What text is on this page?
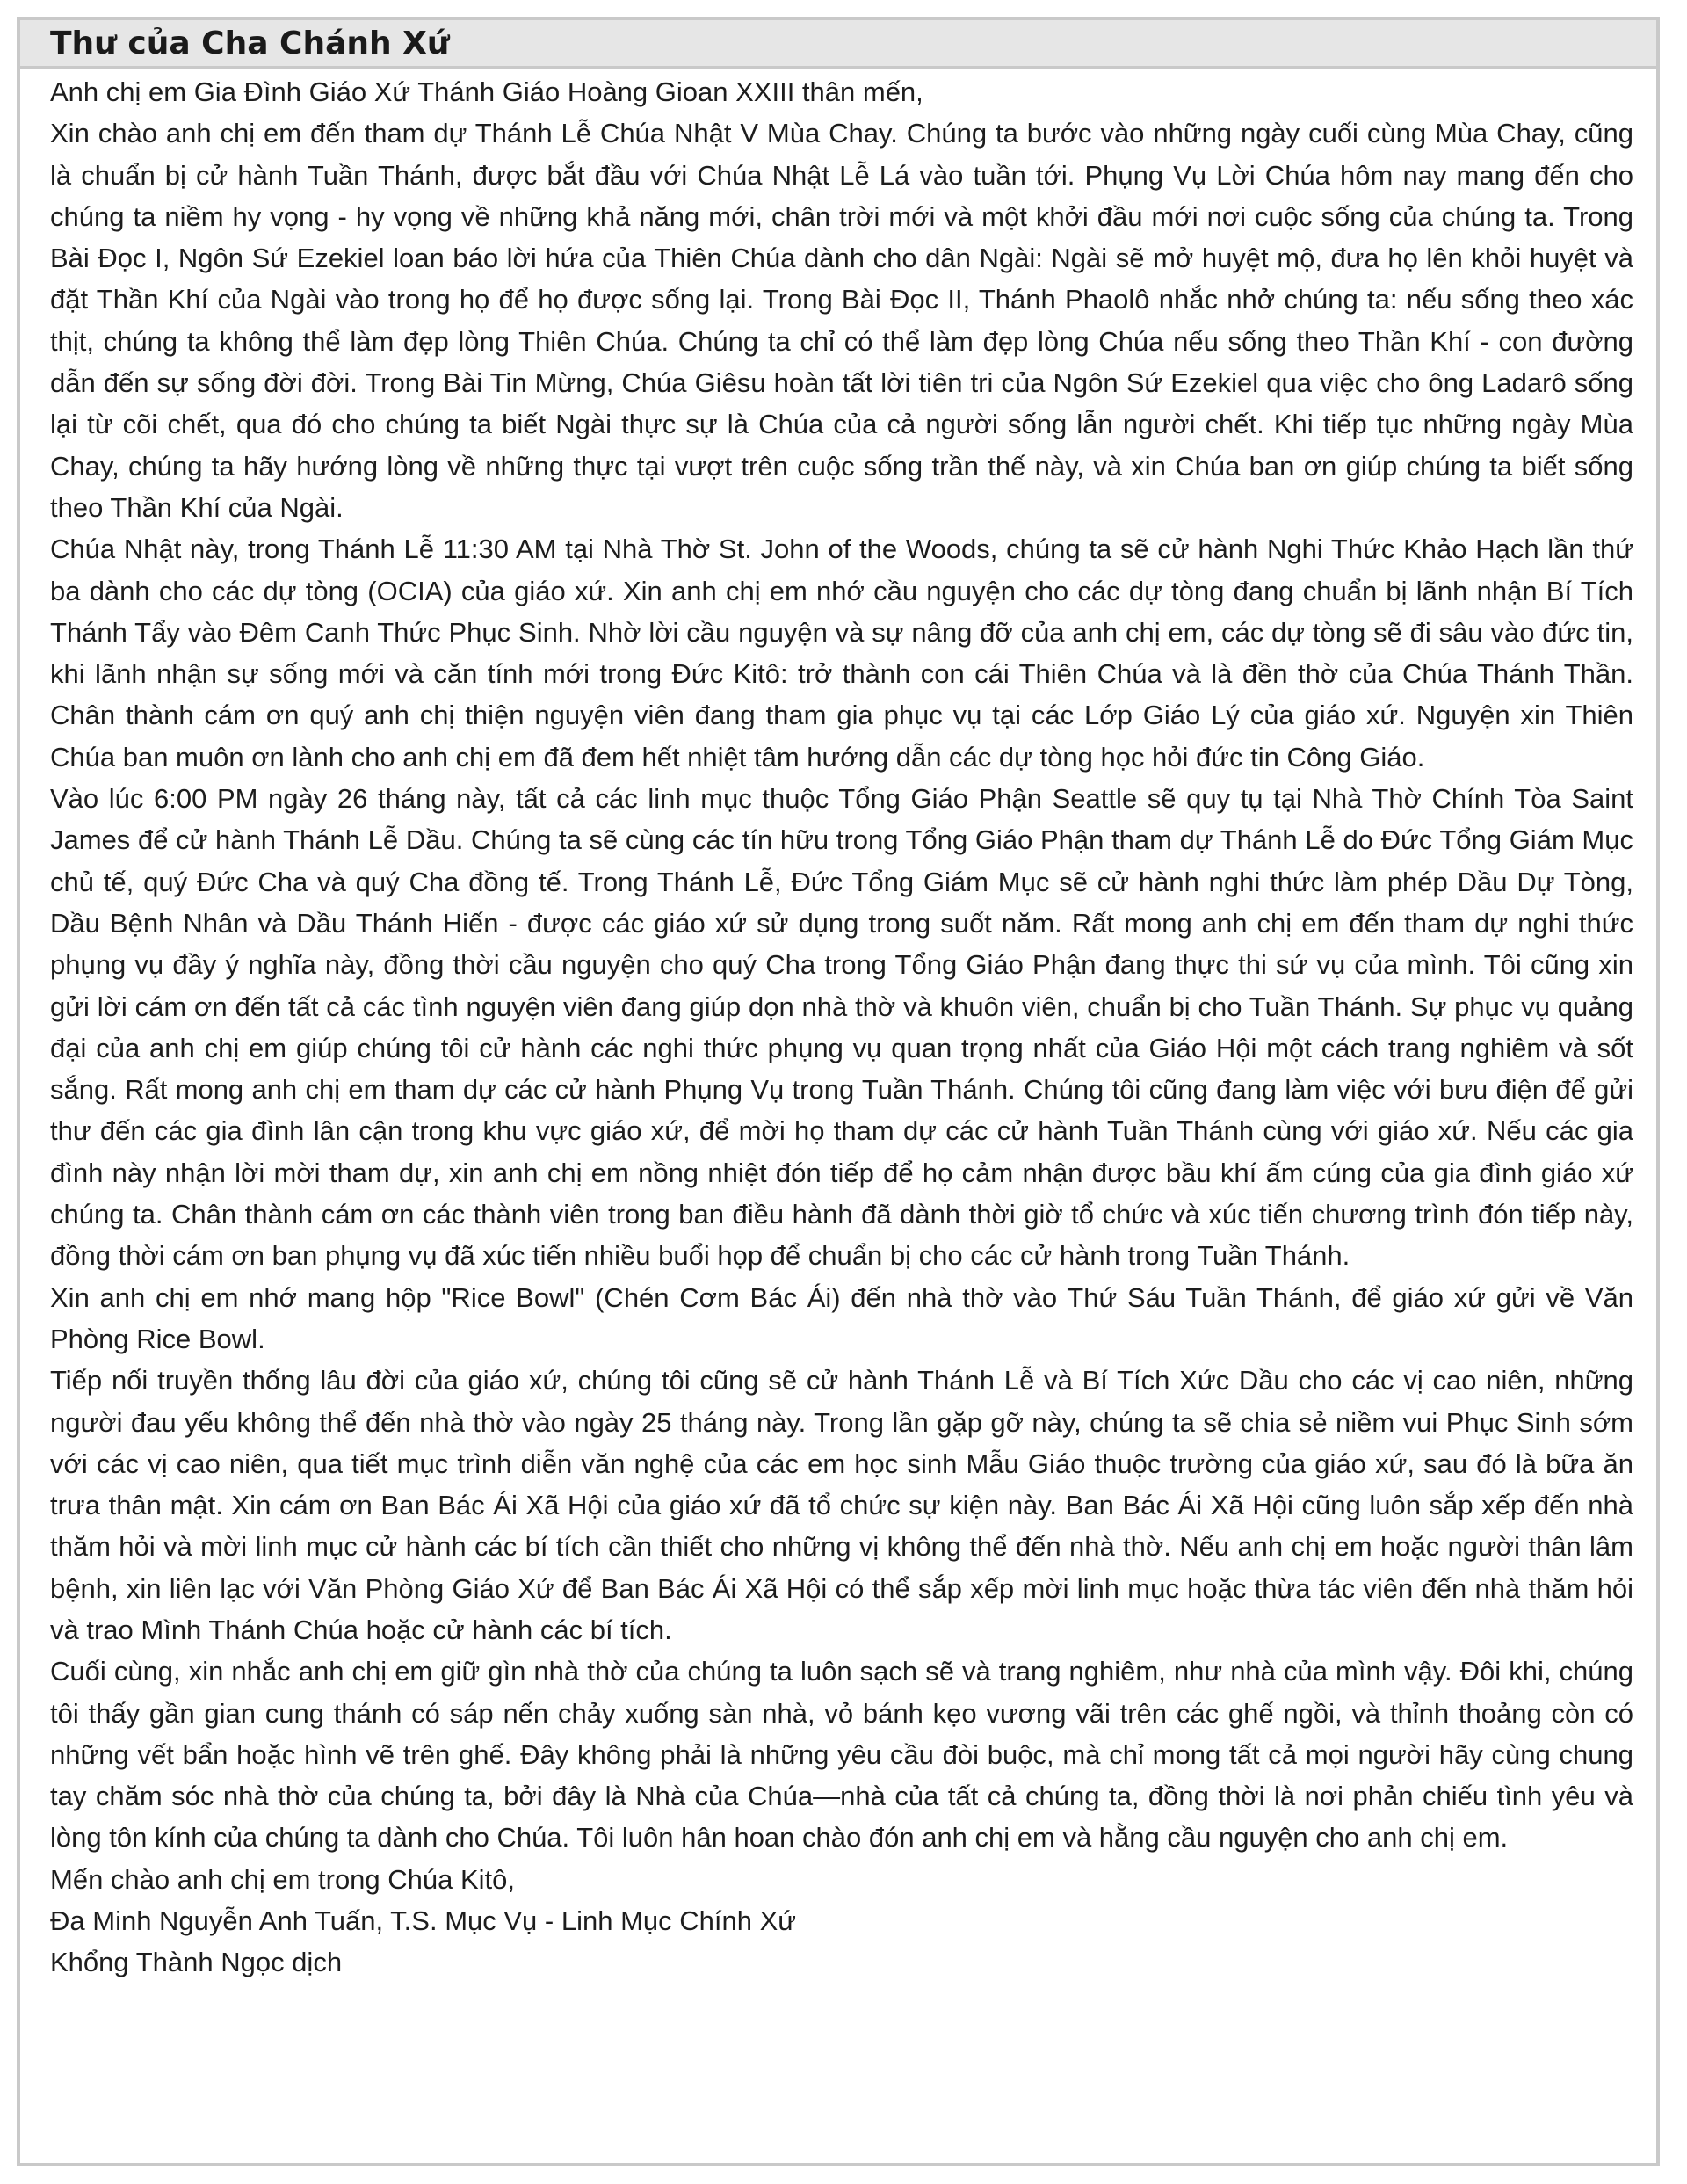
Thư của Cha Chánh Xứ

Anh chị em Gia Đình Giáo Xứ Thánh Giáo Hoàng Gioan XXIII thân mến,

Xin chào anh chị em đến tham dự Thánh Lễ Chúa Nhật V Mùa Chay. Chúng ta bước vào những ngày cuối cùng Mùa Chay, cũng là chuẩn bị cử hành Tuần Thánh, được bắt đầu với Chúa Nhật Lễ Lá vào tuần tới. Phụng Vụ Lời Chúa hôm nay mang đến cho chúng ta niềm hy vọng - hy vọng về những khả năng mới, chân trời mới và một khởi đầu mới nơi cuộc sống của chúng ta. Trong Bài Đọc I, Ngôn Sứ Ezekiel loan báo lời hứa của Thiên Chúa dành cho dân Ngài: Ngài sẽ mở huyệt mộ, đưa họ lên khỏi huyệt và đặt Thần Khí của Ngài vào trong họ để họ được sống lại. Trong Bài Đọc II, Thánh Phaolô nhắc nhở chúng ta: nếu sống theo xác thịt, chúng ta không thể làm đẹp lòng Thiên Chúa. Chúng ta chỉ có thể làm đẹp lòng Chúa nếu sống theo Thần Khí - con đường dẫn đến sự sống đời đời. Trong Bài Tin Mừng, Chúa Giêsu hoàn tất lời tiên tri của Ngôn Sứ Ezekiel qua việc cho ông Ladarô sống lại từ cõi chết, qua đó cho chúng ta biết Ngài thực sự là Chúa của cả người sống lẫn người chết. Khi tiếp tục những ngày Mùa Chay, chúng ta hãy hướng lòng về những thực tại vượt trên cuộc sống trần thế này, và xin Chúa ban ơn giúp chúng ta biết sống theo Thần Khí của Ngài.

Chúa Nhật này, trong Thánh Lễ 11:30 AM tại Nhà Thờ St. John of the Woods, chúng ta sẽ cử hành Nghi Thức Khảo Hạch lần thứ ba dành cho các dự tòng (OCIA) của giáo xứ. Xin anh chị em nhớ cầu nguyện cho các dự tòng đang chuẩn bị lãnh nhận Bí Tích Thánh Tẩy vào Đêm Canh Thức Phục Sinh. Nhờ lời cầu nguyện và sự nâng đỡ của anh chị em, các dự tòng sẽ đi sâu vào đức tin, khi lãnh nhận sự sống mới và căn tính mới trong Đức Kitô: trở thành con cái Thiên Chúa và là đền thờ của Chúa Thánh Thần. Chân thành cám ơn quý anh chị thiện nguyện viên đang tham gia phục vụ tại các Lớp Giáo Lý của giáo xứ. Nguyện xin Thiên Chúa ban muôn ơn lành cho anh chị em đã đem hết nhiệt tâm hướng dẫn các dự tòng học hỏi đức tin Công Giáo.

Vào lúc 6:00 PM ngày 26 tháng này, tất cả các linh mục thuộc Tổng Giáo Phận Seattle sẽ quy tụ tại Nhà Thờ Chính Tòa Saint James để cử hành Thánh Lễ Dầu. Chúng ta sẽ cùng các tín hữu trong Tổng Giáo Phận tham dự Thánh Lễ do Đức Tổng Giám Mục chủ tế, quý Đức Cha và quý Cha đồng tế. Trong Thánh Lễ, Đức Tổng Giám Mục sẽ cử hành nghi thức làm phép Dầu Dự Tòng, Dầu Bệnh Nhân và Dầu Thánh Hiến - được các giáo xứ sử dụng trong suốt năm. Rất mong anh chị em đến tham dự nghi thức phụng vụ đầy ý nghĩa này, đồng thời cầu nguyện cho quý Cha trong Tổng Giáo Phận đang thực thi sứ vụ của mình. Tôi cũng xin gửi lời cám ơn đến tất cả các tình nguyện viên đang giúp dọn nhà thờ và khuôn viên, chuẩn bị cho Tuần Thánh. Sự phục vụ quảng đại của anh chị em giúp chúng tôi cử hành các nghi thức phụng vụ quan trọng nhất của Giáo Hội một cách trang nghiêm và sốt sắng. Rất mong anh chị em tham dự các cử hành Phụng Vụ trong Tuần Thánh. Chúng tôi cũng đang làm việc với bưu điện để gửi thư đến các gia đình lân cận trong khu vực giáo xứ, để mời họ tham dự các cử hành Tuần Thánh cùng với giáo xứ. Nếu các gia đình này nhận lời mời tham dự, xin anh chị em nồng nhiệt đón tiếp để họ cảm nhận được bầu khí ấm cúng của gia đình giáo xứ chúng ta. Chân thành cám ơn các thành viên trong ban điều hành đã dành thời giờ tổ chức và xúc tiến chương trình đón tiếp này, đồng thời cám ơn ban phụng vụ đã xúc tiến nhiều buổi họp để chuẩn bị cho các cử hành trong Tuần Thánh.

Xin anh chị em nhớ mang hộp "Rice Bowl" (Chén Cơm Bác Ái) đến nhà thờ vào Thứ Sáu Tuần Thánh, để giáo xứ gửi về Văn Phòng Rice Bowl.

Tiếp nối truyền thống lâu đời của giáo xứ, chúng tôi cũng sẽ cử hành Thánh Lễ và Bí Tích Xức Dầu cho các vị cao niên, những người đau yếu không thể đến nhà thờ vào ngày 25 tháng này. Trong lần gặp gỡ này, chúng ta sẽ chia sẻ niềm vui Phục Sinh sớm với các vị cao niên, qua tiết mục trình diễn văn nghệ của các em học sinh Mẫu Giáo thuộc trường của giáo xứ, sau đó là bữa ăn trưa thân mật. Xin cám ơn Ban Bác Ái Xã Hội của giáo xứ đã tổ chức sự kiện này. Ban Bác Ái Xã Hội cũng luôn sắp xếp đến nhà thăm hỏi và mời linh mục cử hành các bí tích cần thiết cho những vị không thể đến nhà thờ. Nếu anh chị em hoặc người thân lâm bệnh, xin liên lạc với Văn Phòng Giáo Xứ để Ban Bác Ái Xã Hội có thể sắp xếp mời linh mục hoặc thừa tác viên đến nhà thăm hỏi và trao Mình Thánh Chúa hoặc cử hành các bí tích.

Cuối cùng, xin nhắc anh chị em giữ gìn nhà thờ của chúng ta luôn sạch sẽ và trang nghiêm, như nhà của mình vậy. Đôi khi, chúng tôi thấy gần gian cung thánh có sáp nến chảy xuống sàn nhà, vỏ bánh kẹo vương vãi trên các ghế ngồi, và thỉnh thoảng còn có những vết bẩn hoặc hình vẽ trên ghế. Đây không phải là những yêu cầu đòi buộc, mà chỉ mong tất cả mọi người hãy cùng chung tay chăm sóc nhà thờ của chúng ta, bởi đây là Nhà của Chúa—nhà của tất cả chúng ta, đồng thời là nơi phản chiếu tình yêu và lòng tôn kính của chúng ta dành cho Chúa. Tôi luôn hân hoan chào đón anh chị em và hằng cầu nguyện cho anh chị em.

Mến chào anh chị em trong Chúa Kitô,

Đa Minh Nguyễn Anh Tuấn, T.S. Mục Vụ - Linh Mục Chính Xứ

Khổng Thành Ngọc dịch
